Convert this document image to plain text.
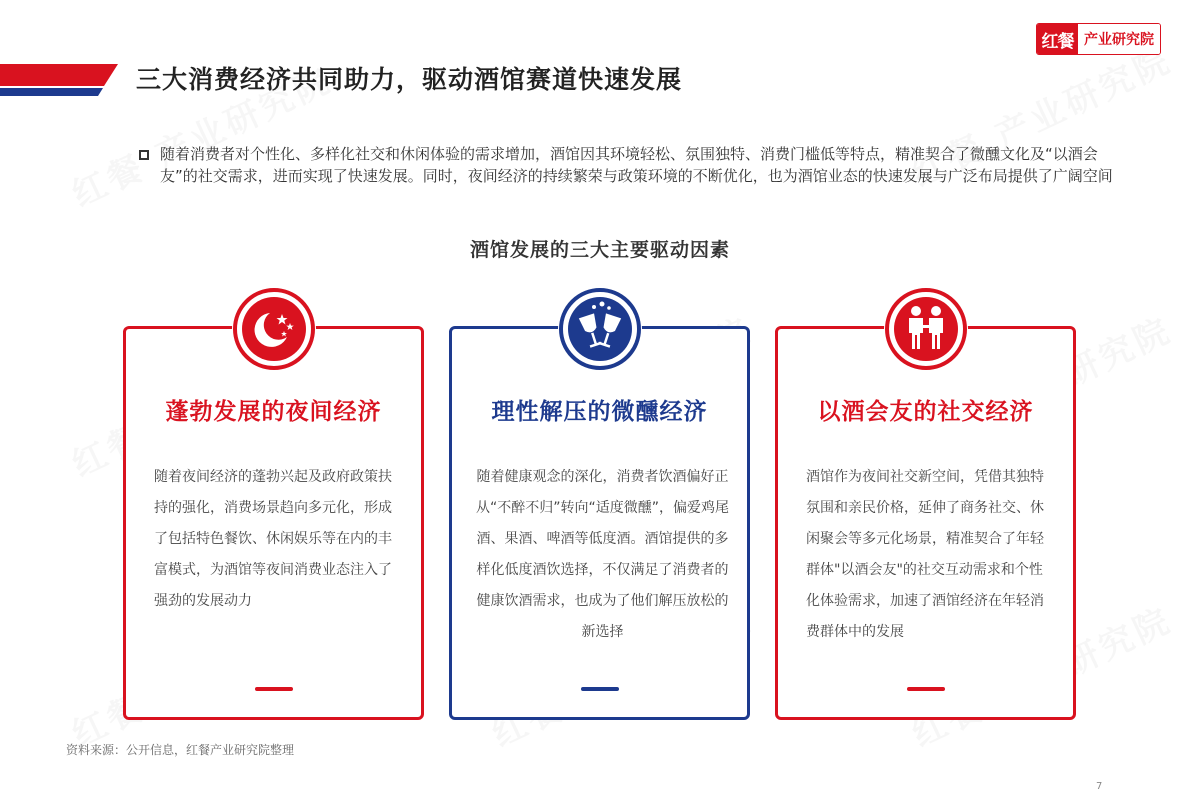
红餐 产业研究院
三大消费经济共同助力，驱动酒馆赛道快速发展
随着消费者对个性化、多样化社交和休闲体验的需求增加，酒馆因其环境轻松、氛围独特、消费门槛低等特点，精准契合了微醺文化及“以酒会友”的社交需求，进而实现了快速发展。同时，夜间经济的持续繁荣与政策环境的不断优化，也为酒馆业态的快速发展与广泛布局提供了广阔空间
酒馆发展的三大主要驱动因素
蓬勃发展的夜间经济
随着夜间经济的蓬勃兴起及政府政策扶持的强化，消费场景趋向多元化，形成了包括特色餐饮、休闲娱乐等在内的丰富模式，为酒馆等夜间消费业态注入了强劲的发展动力
理性解压的微醺经济
随着健康观念的深化，消费者饮酒偏好正从“不醉不归”转向“适度微醺”，偏爱鸡尾酒、果酒、啤酒等低度酒。酒馆提供的多样化低度酒饮选择，不仅满足了消费者的健康饮酒需求，也成为了他们解压放松的新选择
以酒会友的社交经济
酒馆作为夜间社交新空间，凭借其独特氛围和亲民价格，延伸了商务社交、休闲聚会等多元化场景，精准契合了年轻群体"以酒会友"的社交互动需求和个性化体验需求，加速了酒馆经济在年轻消费群体中的发展
资料来源：公开信息，红餐产业研究院整理
7
